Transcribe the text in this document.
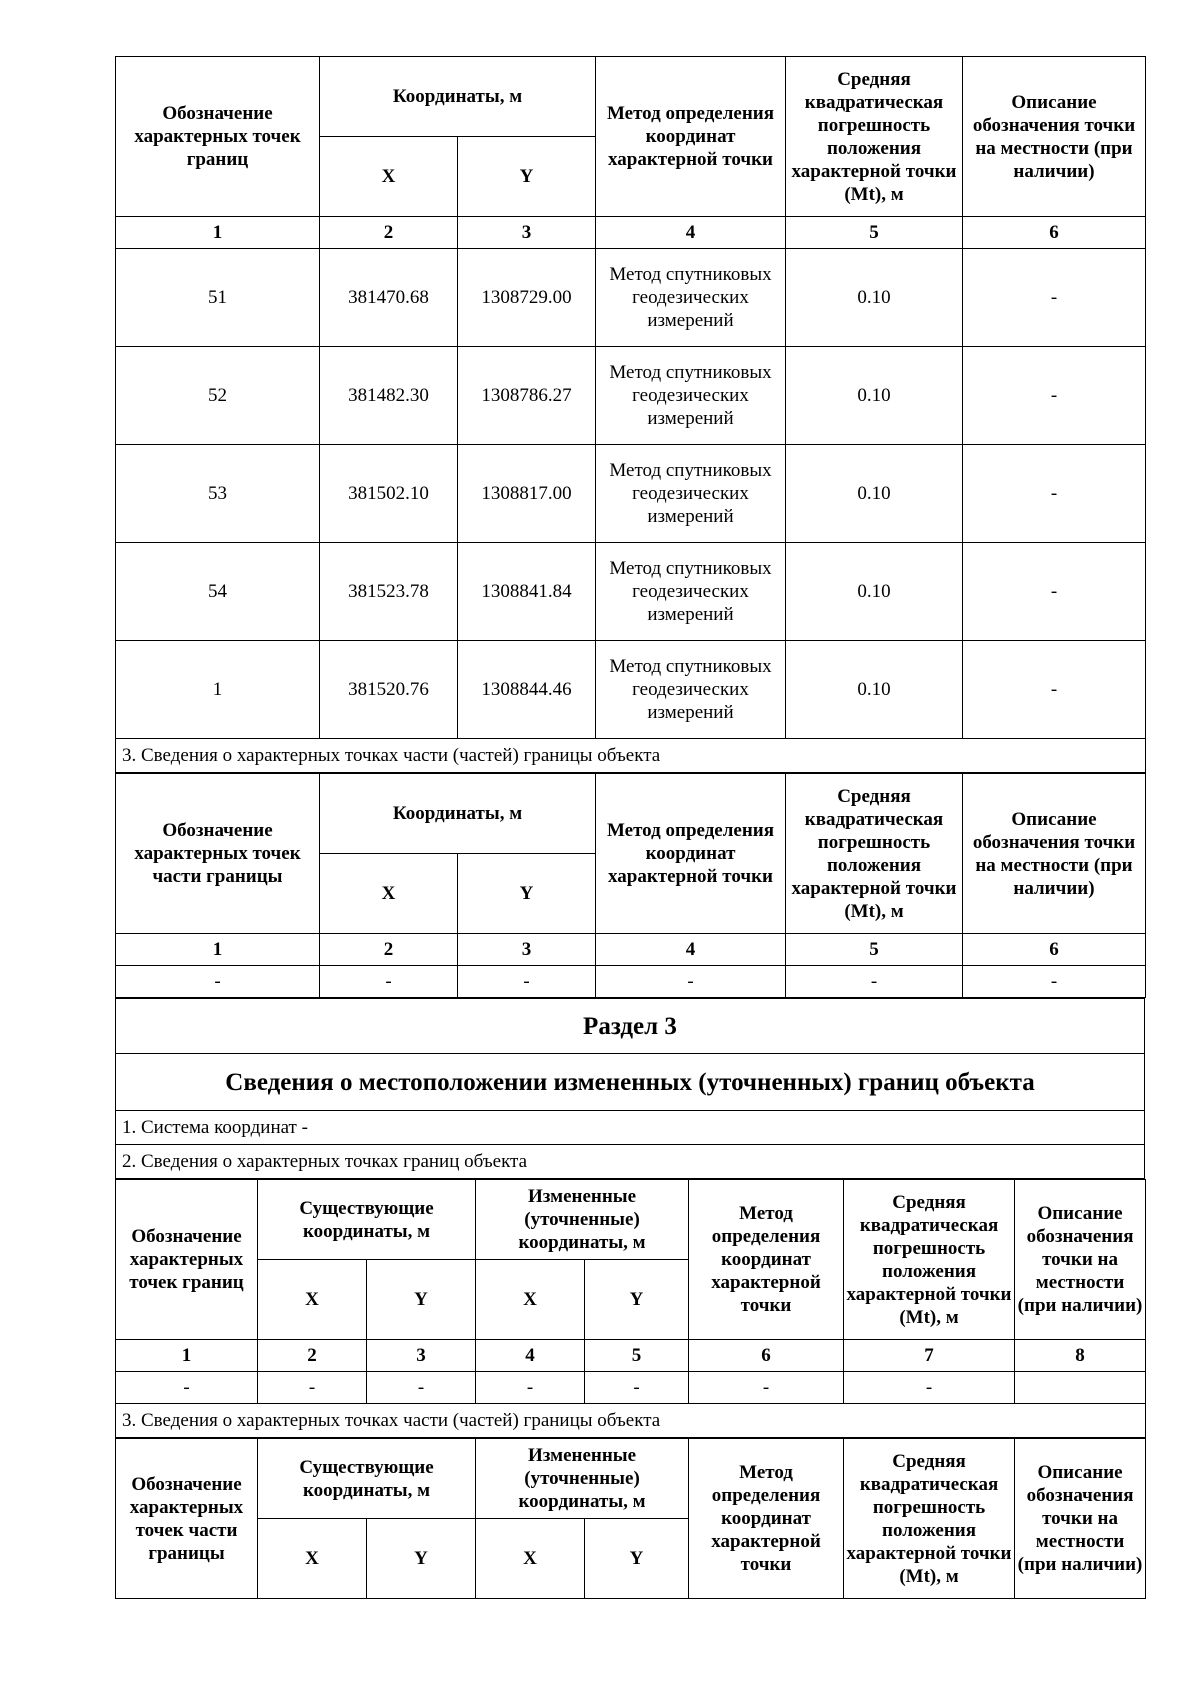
Обозначение характерных точек границ	Координаты, м		Метод определения координат характерной точки	Средняя квадратическая погрешность положения характерной точки (Mt), м	Описание обозначения точки на местности (при наличии)
	X	Y			
1	2	3	4	5	6
51	381470.68	1308729.00	Метод спутниковых геодезических измерений	0.10	-
52	381482.30	1308786.27	Метод спутниковых геодезических измерений	0.10	-
53	381502.10	1308817.00	Метод спутниковых геодезических измерений	0.10	-
54	381523.78	1308841.84	Метод спутниковых геодезических измерений	0.10	-
1	381520.76	1308844.46	Метод спутниковых геодезических измерений	0.10	-
3. Сведения о характерных точках части (частей) границы объекта					
Обозначение характерных точек части границы	Координаты, м		Метод определения координат характерной точки	Средняя квадратическая погрешность положения характерной точки (Mt), м	Описание обозначения точки на местности (при наличии)
	X	Y			
1	2	3	4	5	6
-	-	-	-	-	-
Раздел 3
Сведения о местоположении измененных (уточненных) границ объекта
1. Система координат -
2. Сведения о характерных точках границ объекта
Обозначение характерных точек границ	Существующие координаты, м		Измененные (уточненные) координаты, м		Метод определения координат характерной точки	Средняя квадратическая погрешность положения характерной точки (Mt), м	Описание обозначения точки на местности (при наличии)
	X	Y	X	Y			
1	2	3	4	5	6	7	8
-	-	-	-	-	-	-	
3. Сведения о характерных точках части (частей) границы объекта							
Обозначение характерных точек части границы	Существующие координаты, м		Измененные (уточненные) координаты, м		Метод определения координат характерной точки	Средняя квадратическая погрешность положения характерной точки (Mt), м	Описание обозначения точки на местности (при наличии)
	X	Y	X	Y			
